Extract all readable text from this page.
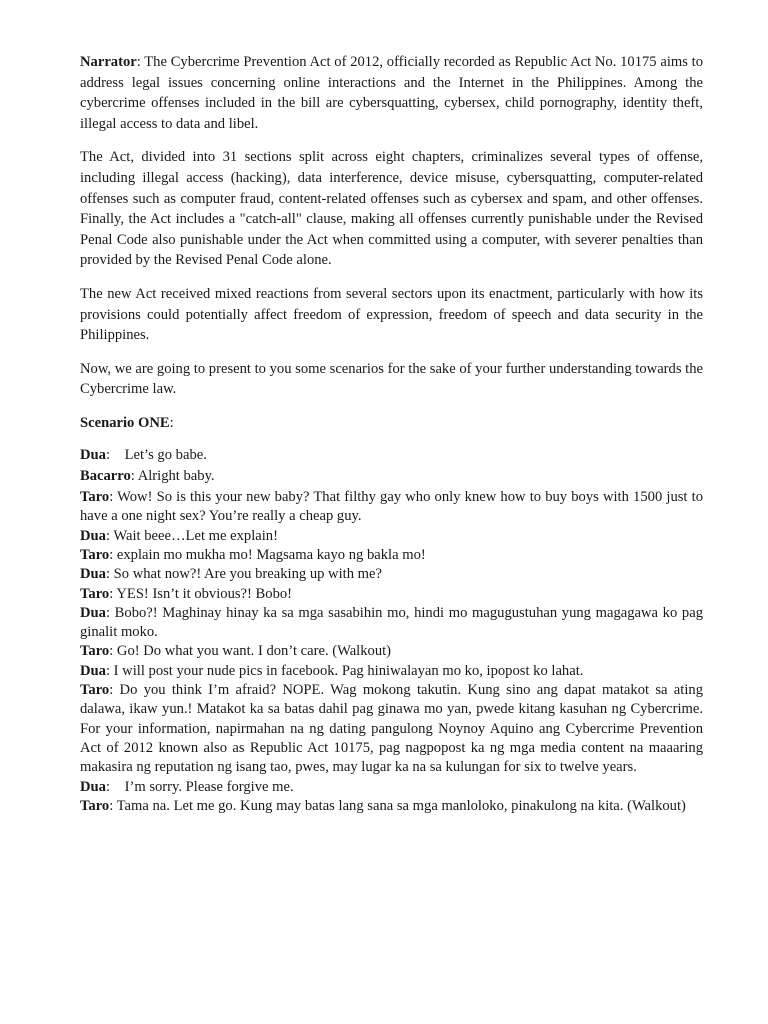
Narrator: The Cybercrime Prevention Act of 2012, officially recorded as Republic Act No. 10175 aims to address legal issues concerning online interactions and the Internet in the Philippines. Among the cybercrime offenses included in the bill are cybersquatting, cybersex, child pornography, identity theft, illegal access to data and libel.

The Act, divided into 31 sections split across eight chapters, criminalizes several types of offense, including illegal access (hacking), data interference, device misuse, cybersquatting, computer-related offenses such as computer fraud, content-related offenses such as cybersex and spam, and other offenses. Finally, the Act includes a "catch-all" clause, making all offenses currently punishable under the Revised Penal Code also punishable under the Act when committed using a computer, with severer penalties than provided by the Revised Penal Code alone.

The new Act received mixed reactions from several sectors upon its enactment, particularly with how its provisions could potentially affect freedom of expression, freedom of speech and data security in the Philippines.

Now, we are going to present to you some scenarios for the sake of your further understanding towards the Cybercrime law.

Scenario ONE:

Dua:    Let’s go babe.

Bacarro: Alright baby.

Taro: Wow! So is this your new baby? That filthy gay who only knew how to buy boys with 1500 just to have a one night sex? You’re really a cheap guy.

Dua: Wait beee…Let me explain!

Taro: explain mo mukha mo! Magsama kayo ng bakla mo!

Dua: So what now?! Are you breaking up with me?

Taro: YES! Isn’t it obvious?! Bobo!

Dua: Bobo?! Maghinay hinay ka sa mga sasabihin mo, hindi mo magugustuhan yung magagawa ko pag ginalit moko.

Taro: Go! Do what you want. I don’t care. (Walkout)

Dua: I will post your nude pics in facebook. Pag hiniwalayan mo ko, ipopost ko lahat.

Taro: Do you think I’m afraid? NOPE. Wag mokong takutin. Kung sino ang dapat matakot sa ating dalawa, ikaw yun.! Matakot ka sa batas dahil pag ginawa mo yan, pwede kitang kasuhan ng Cybercrime. For your information, napirmahan na ng dating pangulong Noynoy Aquino ang Cybercrime Prevention Act of 2012 known also as Republic Act 10175, pag nagpopost ka ng mga media content na maaaring makasira ng reputation ng isang tao, pwes, may lugar ka na sa kulungan for six to twelve years.

Dua:    I’m sorry. Please forgive me.

Taro: Tama na. Let me go. Kung may batas lang sana sa mga manloloko, pinakulong na kita. (Walkout)
